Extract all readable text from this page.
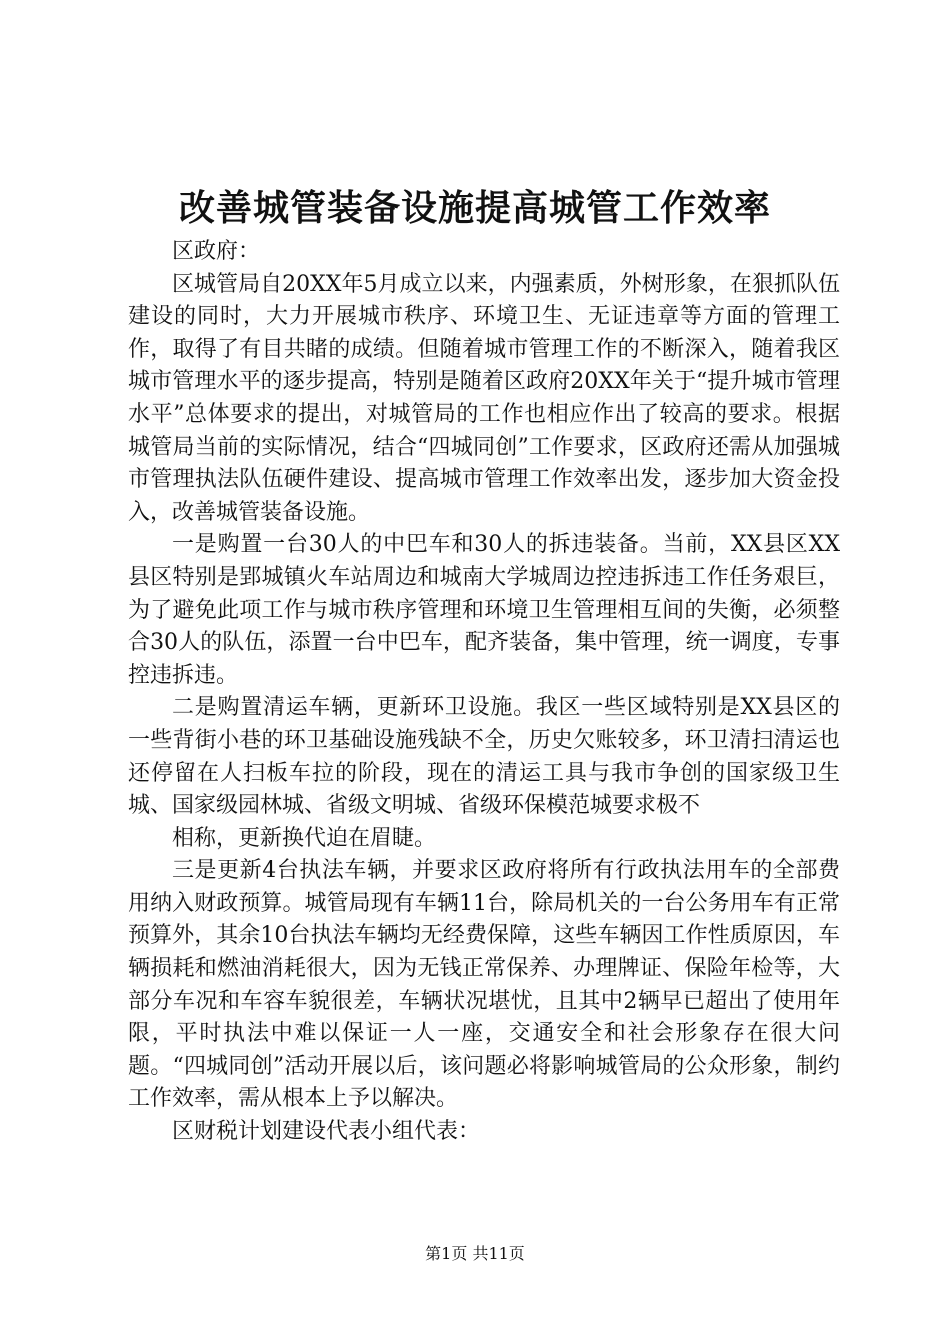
改善城管装备设施提高城管工作效率

区政府：

区城管局自20XX年5月成立以来，内强素质，外树形象，在狠抓队伍建设的同时，大力开展城市秩序、环境卫生、无证违章等方面的管理工作，取得了有目共睹的成绩。但随着城市管理工作的不断深入，随着我区城市管理水平的逐步提高，特别是随着区政府20XX年关于“提升城市管理水平”总体要求的提出，对城管局的工作也相应作出了较高的要求。根据城管局当前的实际情况，结合“四城同创”工作要求，区政府还需从加强城市管理执法队伍硬件建设、提高城市管理工作效率出发，逐步加大资金投入，改善城管装备设施。

一是购置一台30人的中巴车和30人的拆违装备。当前，XX县区XX县区特别是郢城镇火车站周边和城南大学城周边控违拆违工作任务艰巨，为了避免此项工作与城市秩序管理和环境卫生管理相互间的失衡，必须整合30人的队伍，添置一台中巴车，配齐装备，集中管理，统一调度，专事控违拆违。

二是购置清运车辆，更新环卫设施。我区一些区域特别是XX县区的一些背街小巷的环卫基础设施残缺不全，历史欠账较多，环卫清扫清运也还停留在人扫板车拉的阶段，现在的清运工具与我市争创的国家级卫生城、国家级园林城、省级文明城、省级环保模范城要求极不

相称，更新换代迫在眉睫。

三是更新4台执法车辆，并要求区政府将所有行政执法用车的全部费用纳入财政预算。城管局现有车辆11台，除局机关的一台公务用车有正常预算外，其余10台执法车辆均无经费保障，这些车辆因工作性质原因，车辆损耗和燃油消耗很大，因为无钱正常保养、办理牌证、保险年检等，大部分车况和车容车貌很差，车辆状况堪忧，且其中2辆早已超出了使用年限，平时执法中难以保证一人一座，交通安全和社会形象存在很大问题。“四城同创”活动开展以后，该问题必将影响城管局的公众形象，制约工作效率，需从根本上予以解决。

区财税计划建设代表小组代表：

第1页 共11页
